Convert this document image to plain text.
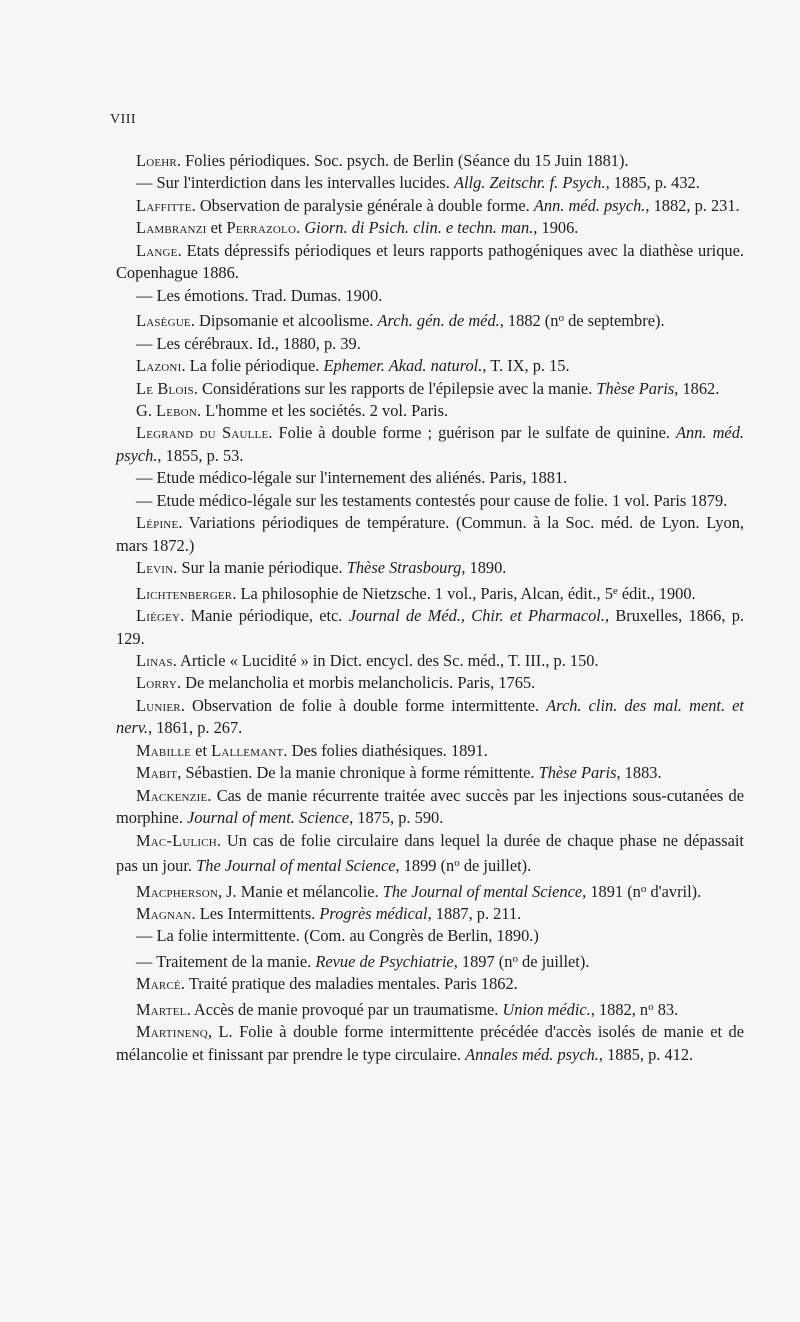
VIII

Loehr. Folies périodiques. Soc. psych. de Berlin (Séance du 15 Juin 1881).

— Sur l'interdiction dans les intervalles lucides. Allg. Zeitschr. f. Psych., 1885, p. 432.

Laffitte. Observation de paralysie générale à double forme. Ann. méd. psych., 1882, p. 231.

Lambranzi et Perrazolo. Giorn. di Psich. clin. e techn. man., 1906.

Lange. Etats dépressifs périodiques et leurs rapports pathogéniques avec la diathèse urique. Copenhague 1886.

— Les émotions. Trad. Dumas. 1900.

Lasègue. Dipsomanie et alcoolisme. Arch. gén. de méd., 1882 ($n^o$ de septembre).

— Les cérébraux. Id., 1880, p. 39.

Lazoni. La folie périodique. Ephemer. Akad. naturol., T. IX, p. 15.

Le Blois. Considérations sur les rapports de l'épilepsie avec la manie. Thèse Paris, 1862.

G. Lebon. L'homme et les sociétés. 2 vol. Paris.

Legrand du Saulle. Folie à double forme ; guérison par le sulfate de quinine. Ann. méd. psych., 1855, p. 53.

— Etude médico-légale sur l'internement des aliénés. Paris, 1881.

— Etude médico-légale sur les testaments contestés pour cause de folie. 1 vol. Paris 1879.

Lépine. Variations périodiques de température. (Commun. à la Soc. méd. de Lyon. Lyon, mars 1872.)

Levin. Sur la manie périodique. Thèse Strasbourg, 1890.

Lichtenberger. La philosophie de Nietzsche. 1 vol., Paris, Alcan, édit., 5e édit., 1900.

Liégey. Manie périodique, etc. Journal de Méd., Chir. et Pharmacol., Bruxelles, 1866, p. 129.

Linas. Article « Lucidité » in Dict. encycl. des Sc. méd., T. III., p. 150.

Lorry. De melancholia et morbis melancholicis. Paris, 1765.

Lunier. Observation de folie à double forme intermittente. Arch. clin. des mal. ment. et nerv., 1861, p. 267.

Mabille et Lallemant. Des folies diathésiques. 1891.

Mabit, Sébastien. De la manie chronique à forme rémittente. Thèse Paris, 1883.

Mackenzie. Cas de manie récurrente traitée avec succès par les injections sous-cutanées de morphine. Journal of ment. Science, 1875, p. 590.

Mac-Lulich. Un cas de folie circulaire dans lequel la durée de chaque phase ne dépassait pas un jour. The Journal of mental Science, 1899 ($n^o$ de juillet).

Macpherson, J. Manie et mélancolie. The Journal of mental Science, 1891 ($n^o$ d'avril).

Magnan. Les Intermittents. Progrès médical, 1887, p. 211.

— La folie intermittente. (Com. au Congrès de Berlin, 1890.)

— Traitement de la manie. Revue de Psychiatrie, 1897 ($n^o$ de juillet).

Marcé. Traité pratique des maladies mentales. Paris 1862.

Martel. Accès de manie provoqué par un traumatisme. Union médic., 1882, $n^o$ 83.

Martinenq, L. Folie à double forme intermittente précédée d'accès isolés de manie et de mélancolie et finissant par prendre le type circulaire. Annales méd. psych., 1885, p. 412.
